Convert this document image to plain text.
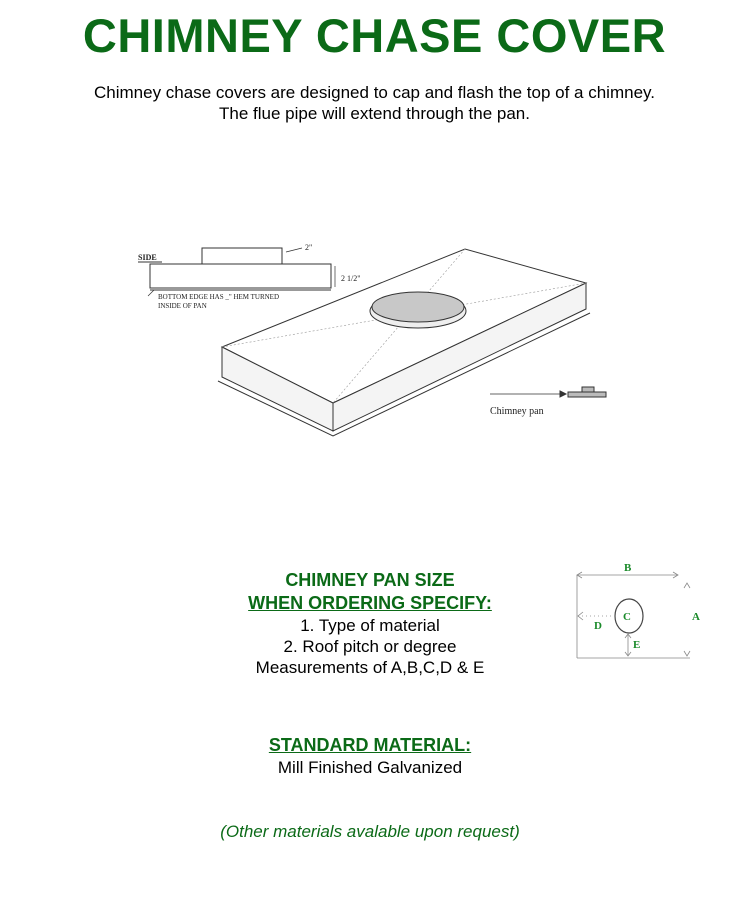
CHIMNEY CHASE COVER
Chimney chase covers are designed to cap and flash the top of a chimney.
The flue pipe will extend through the pan.
SIDE
2"
2 1/2"
BOTTOM EDGE HAS _" HEM TURNED
INSIDE OF PAN
Chimney pan
CHIMNEY PAN SIZE
WHEN ORDERING SPECIFY:
1. Type of material
2. Roof pitch or degree
Measurements of A,B,C,D & E
B
A
C
D
E
STANDARD MATERIAL:
Mill Finished Galvanized
(Other materials avalable upon request)
